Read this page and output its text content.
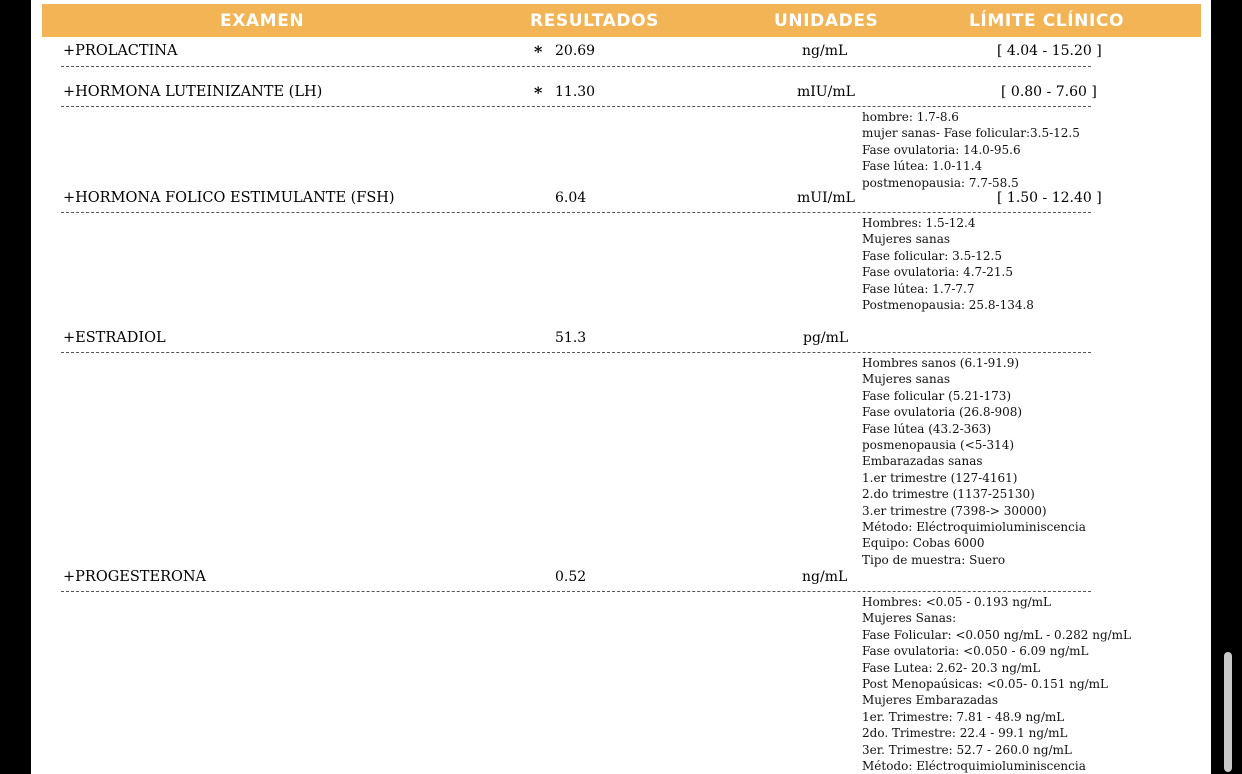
EXAMEN	RESULTADOS	UNIDADES	LÍMITE CLÍNICO
+PROLACTINA	* 20.69	ng/mL	[ 4.04 - 15.20 ]
+HORMONA LUTEINIZANTE (LH)	* 11.30	mIU/mL	[ 0.80 - 7.60 ]
hombre: 1.7-8.6
mujer sanas- Fase folicular:3.5-12.5
Fase ovulatoria: 14.0-95.6
Fase lútea: 1.0-11.4
postmenopausia: 7.7-58.5
+HORMONA FOLICO ESTIMULANTE (FSH)	6.04	mUI/mL	[ 1.50 - 12.40 ]
Hombres: 1.5-12.4
Mujeres sanas
Fase folicular: 3.5-12.5
Fase ovulatoria: 4.7-21.5
Fase lútea: 1.7-7.7
Postmenopausia: 25.8-134.8
+ESTRADIOL	51.3	pg/mL
Hombres sanos (6.1-91.9)
Mujeres sanas
Fase folicular (5.21-173)
Fase ovulatoria (26.8-908)
Fase lútea (43.2-363)
posmenopausia (<5-314)
Embarazadas sanas
1.er trimestre (127-4161)
2.do trimestre (1137-25130)
3.er trimestre (7398-> 30000)
Método: Eléctroquimioluminiscencia
Equipo: Cobas 6000
Tipo de muestra: Suero
+PROGESTERONA	0.52	ng/mL
Hombres: <0.05 - 0.193 ng/mL
Mujeres Sanas:
Fase Folicular: <0.050 ng/mL - 0.282 ng/mL
Fase ovulatoria: <0.050 - 6.09 ng/mL
Fase Lutea: 2.62- 20.3 ng/mL
Post Menopaúsicas: <0.05- 0.151 ng/mL
Mujeres Embarazadas
1er. Trimestre: 7.81 - 48.9 ng/mL
2do. Trimestre: 22.4 - 99.1 ng/mL
3er. Trimestre: 52.7 - 260.0 ng/mL
Método: Eléctroquimioluminiscencia
